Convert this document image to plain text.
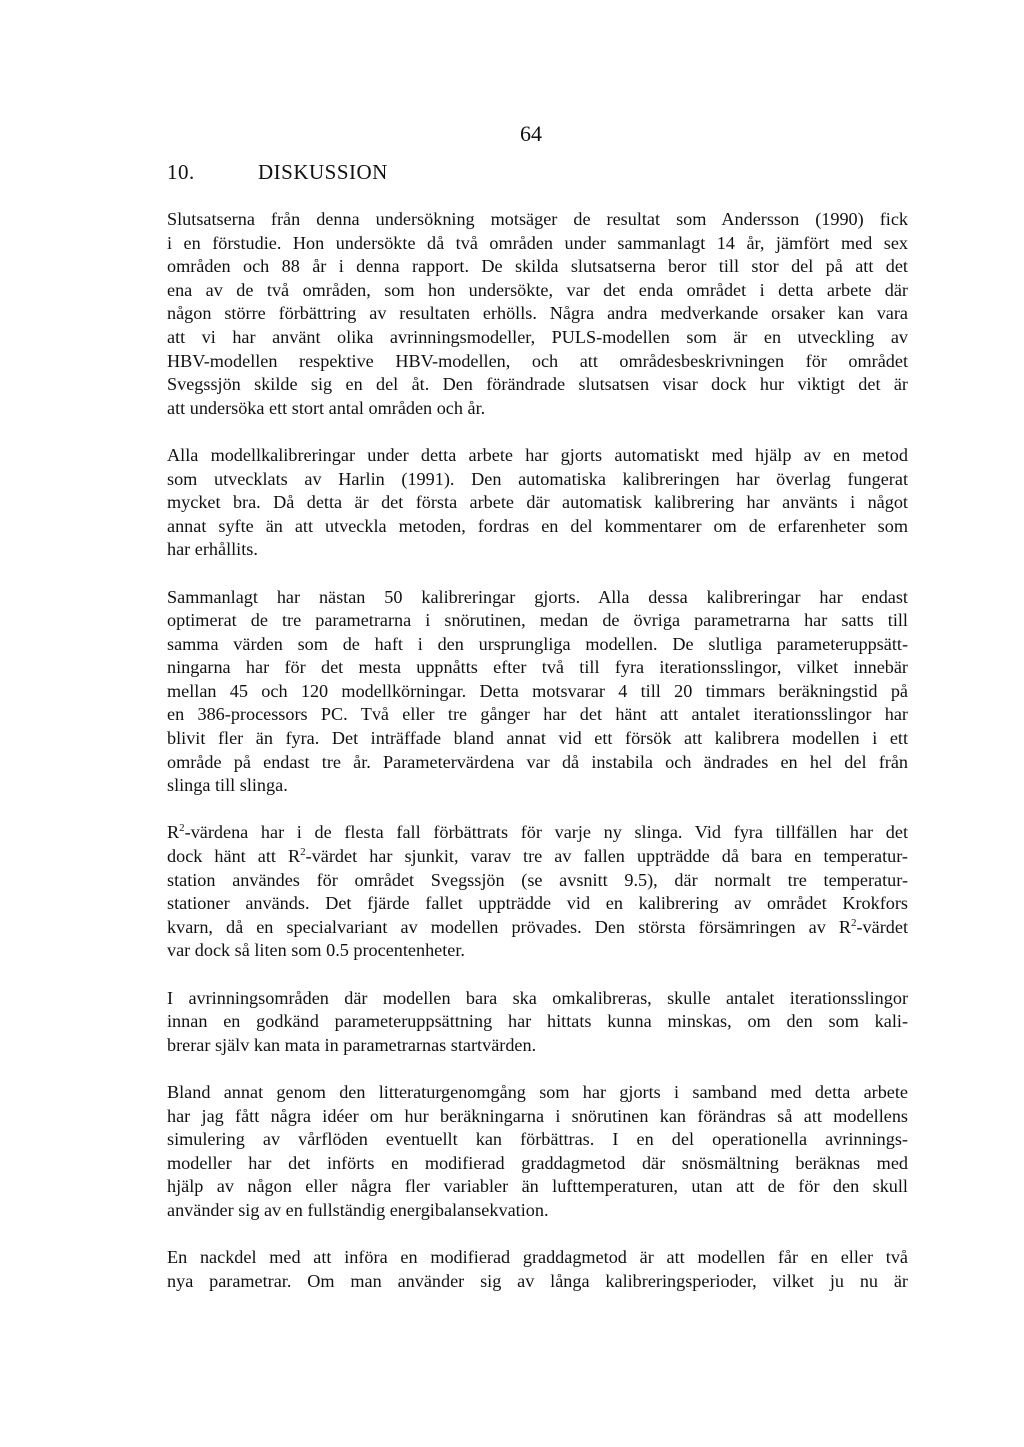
64
10.	DISKUSSION
Slutsatserna från denna undersökning motsäger de resultat som Andersson (1990) fick
i en förstudie. Hon undersökte då två områden under sammanlagt 14 år, jämfört med sex
områden och 88 år i denna rapport. De skilda slutsatserna beror till stor del på att det
ena av de två områden, som hon undersökte, var det enda området i detta arbete där
någon större förbättring av resultaten erhölls. Några andra medverkande orsaker kan vara
att vi har använt olika avrinningsmodeller, PULS-modellen som är en utveckling av
HBV-modellen respektive HBV-modellen, och att områdesbeskrivningen för området
Svegssjön skilde sig en del åt. Den förändrade slutsatsen visar dock hur viktigt det är
att undersöka ett stort antal områden och år.
Alla modellkalibreringar under detta arbete har gjorts automatiskt med hjälp av en metod
som utvecklats av Harlin (1991). Den automatiska kalibreringen har överlag fungerat
mycket bra. Då detta är det första arbete där automatisk kalibrering har använts i något
annat syfte än att utveckla metoden, fordras en del kommentarer om de erfarenheter som
har erhållits.
Sammanlagt har nästan 50 kalibreringar gjorts. Alla dessa kalibreringar har endast
optimerat de tre parametrarna i snörutinen, medan de övriga parametrarna har satts till
samma värden som de haft i den ursprungliga modellen. De slutliga parameteruppsätt-
ningarna har för det mesta uppnåtts efter två till fyra iterationsslingor, vilket innebär
mellan 45 och 120 modellkörningar. Detta motsvarar 4 till 20 timmars beräkningstid på
en 386-processors PC. Två eller tre gånger har det hänt att antalet iterationsslingor har
blivit fler än fyra. Det inträffade bland annat vid ett försök att kalibrera modellen i ett
område på endast tre år. Parametervärdena var då instabila och ändrades en hel del från
slinga till slinga.
$R^2$-värdena har i de flesta fall förbättrats för varje ny slinga. Vid fyra tillfällen har det
dock hänt att $R^2$-värdet har sjunkit, varav tre av fallen uppträdde då bara en temperatur-
station användes för området Svegssjön (se avsnitt 9.5), där normalt tre temperatur-
stationer används. Det fjärde fallet uppträdde vid en kalibrering av området Krokfors
kvarn, då en specialvariant av modellen prövades. Den största försämringen av $R^2$-värdet
var dock så liten som 0.5 procentenheter.
I avrinningsområden där modellen bara ska omkalibreras, skulle antalet iterationsslingor
innan en godkänd parameteruppsättning har hittats kunna minskas, om den som kali-
brerar själv kan mata in parametrarnas startvärden.
Bland annat genom den litteraturgenomgång som har gjorts i samband med detta arbete
har jag fått några idéer om hur beräkningarna i snörutinen kan förändras så att modellens
simulering av vårflöden eventuellt kan förbättras. I en del operationella avrinnings-
modeller har det införts en modifierad graddagmetod där snösmältning beräknas med
hjälp av någon eller några fler variabler än lufttemperaturen, utan att de för den skull
använder sig av en fullständig energibalansekvation.
En nackdel med att införa en modifierad graddagmetod är att modellen får en eller två
nya parametrar. Om man använder sig av långa kalibreringsperioder, vilket ju nu är
